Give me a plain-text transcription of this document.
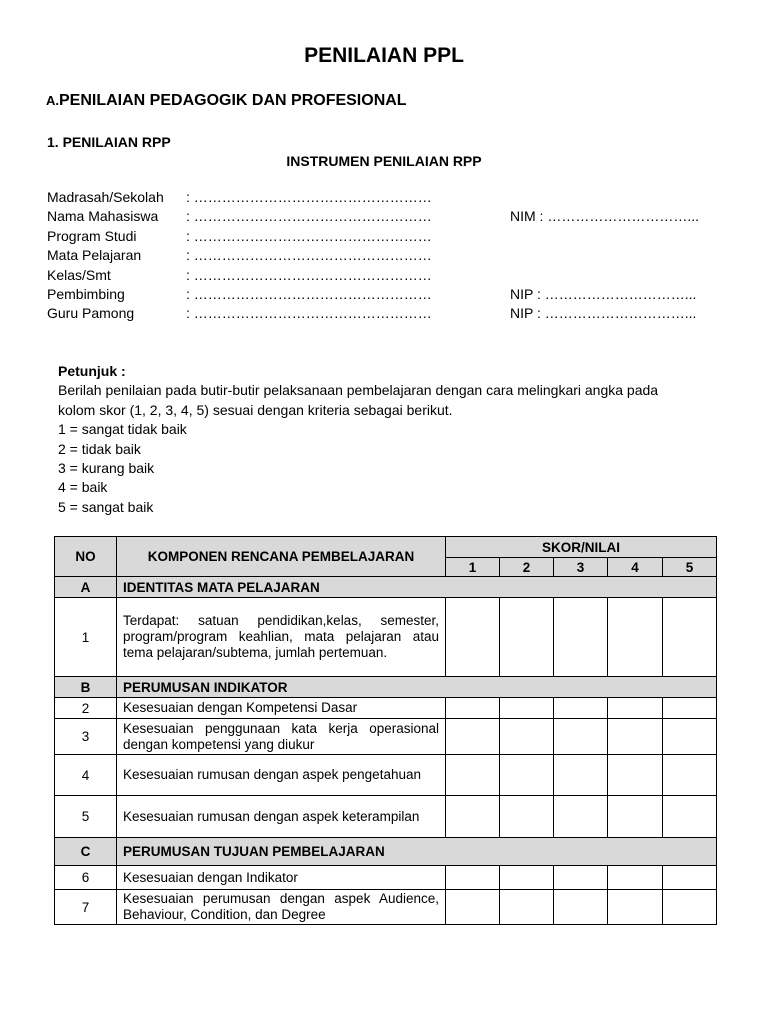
PENILAIAN PPL
A.PENILAIAN PEDAGOGIK DAN PROFESIONAL
1. PENILAIAN RPP
INSTRUMEN PENILAIAN RPP
Madrasah/Sekolah : ……………………………………………
Nama Mahasiswa : ……………………………………………	NIM : …………………………...
Program Studi	: ……………………………………………
Mata Pelajaran	: ……………………………………………
Kelas/Smt	: ……………………………………………
Pembimbing	: ……………………………………………	NIP : …………………………...
Guru Pamong	: ……………………………………………	NIP : …………………………...
Petunjuk :
Berilah penilaian pada butir-butir pelaksanaan pembelajaran dengan cara melingkari angka pada
kolom skor (1, 2, 3, 4, 5) sesuai dengan kriteria sebagai berikut.
1 = sangat tidak baik
2 = tidak baik
3 = kurang baik
4 = baik
5 = sangat baik
NO	KOMPONEN RENCANA PEMBELAJARAN	SKOR/NILAI				
		1	2	3	4	5
A	IDENTITAS MATA PELAJARAN					
1	Terdapat: satuan pendidikan,kelas, semester, program/program keahlian, mata pelajaran atau tema pelajaran/subtema, jumlah pertemuan.					
B	PERUMUSAN INDIKATOR					
2	Kesesuaian dengan Kompetensi Dasar					
3	Kesesuaian penggunaan kata kerja operasional dengan kompetensi yang diukur					
4	Kesesuaian rumusan dengan aspek pengetahuan					
5	Kesesuaian rumusan dengan aspek keterampilan					
C	PERUMUSAN TUJUAN PEMBELAJARAN					
6	Kesesuaian dengan Indikator					
7	Kesesuaian perumusan dengan aspek Audience, Behaviour, Condition, dan Degree					
